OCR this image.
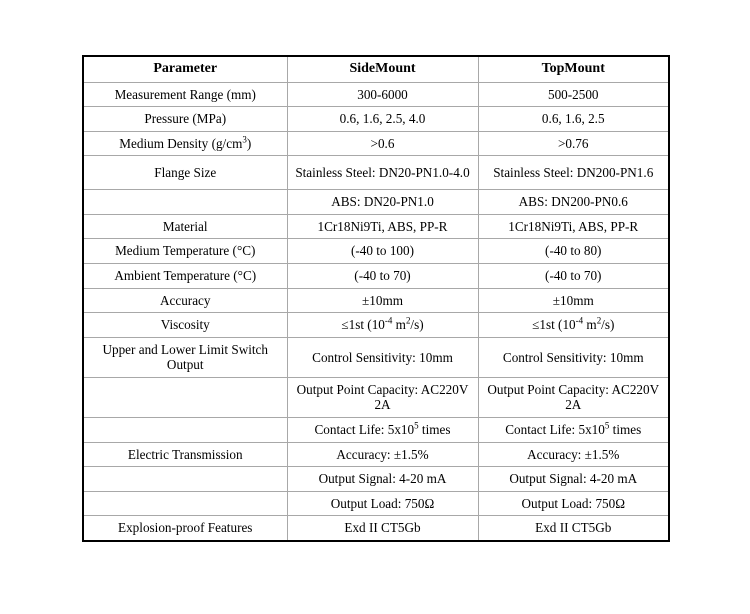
Parameter	SideMount	TopMount
Measurement Range (mm)	300-6000	500-2500
Pressure (MPa)	0.6, 1.6, 2.5, 4.0	0.6, 1.6, 2.5
Medium Density $(g/cm^3)$	>0.6	>0.76
Flange Size	Stainless Steel: DN20-PN1.0-4.0	Stainless Steel: DN200-PN1.6
	ABS: DN20-PN1.0	ABS: DN200-PN0.6
Material	1Cr18Ni9Ti, ABS, PP-R	1Cr18Ni9Ti, ABS, PP-R
Medium Temperature (°C)	(-40 to 100)	(-40 to 80)
Ambient Temperature (°C)	(-40 to 70)	(-40 to 70)
Accuracy	±10mm	±10mm
Viscosity	≤1st ($10^{-4}$ $m^2/s$)	≤1st ($10^{-4}$ $m^2/s$)
Upper and Lower Limit Switch Output	Control Sensitivity: 10mm	Control Sensitivity: 10mm
	Output Point Capacity: AC220V 2A	Output Point Capacity: AC220V 2A
	Contact Life: $5x10^5$ times	Contact Life: $5x10^5$ times
Electric Transmission	Accuracy: ±1.5%	Accuracy: ±1.5%
	Output Signal: 4-20 mA	Output Signal: 4-20 mA
	Output Load: 750Ω	Output Load: 750Ω
Explosion-proof Features	Exd II CT5Gb	Exd II CT5Gb
